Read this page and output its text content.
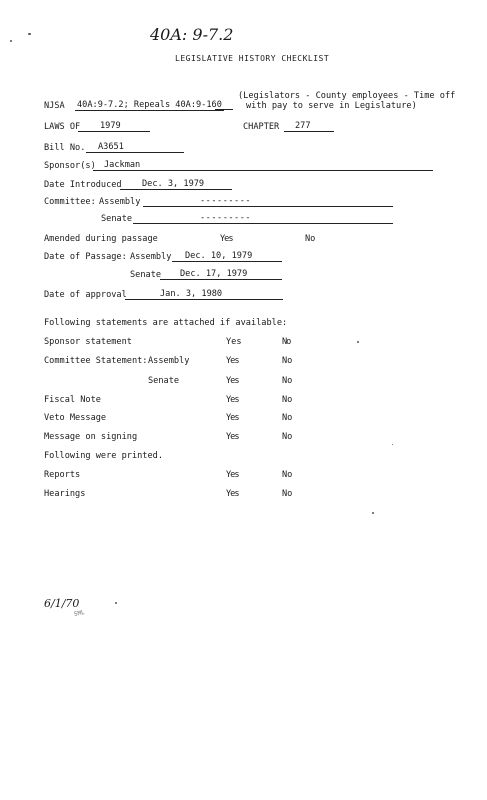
40A: 9-7.2
LEGISLATIVE HISTORY CHECKLIST
NJSA 40A:9-7.2; Repeals 40A:9-160
(Legislators - County employees - Time off
with pay to serve in Legislature)
LAWS OF 1979	CHAPTER 277
Bill No. A3651
Sponsor(s) Jackman
Date Introduced Dec. 3, 1979
Committee: Assembly	---------
Senate	---------
Amended during passage	Yes	No
Date of Passage: Assembly Dec. 10, 1979
Senate Dec. 17, 1979
Date of approval	Jan. 3, 1980
Following statements are attached if available:
Sponsor statement	Yes	No
Committee Statement: Assembly	Yes	No
Senate	Yes	No
Fiscal Note	Yes	No
Veto Message	Yes	No
Message on signing	Yes	No
Following were printed.
Reports	Yes	No
Hearings	Yes	No
6/1/70
SML
